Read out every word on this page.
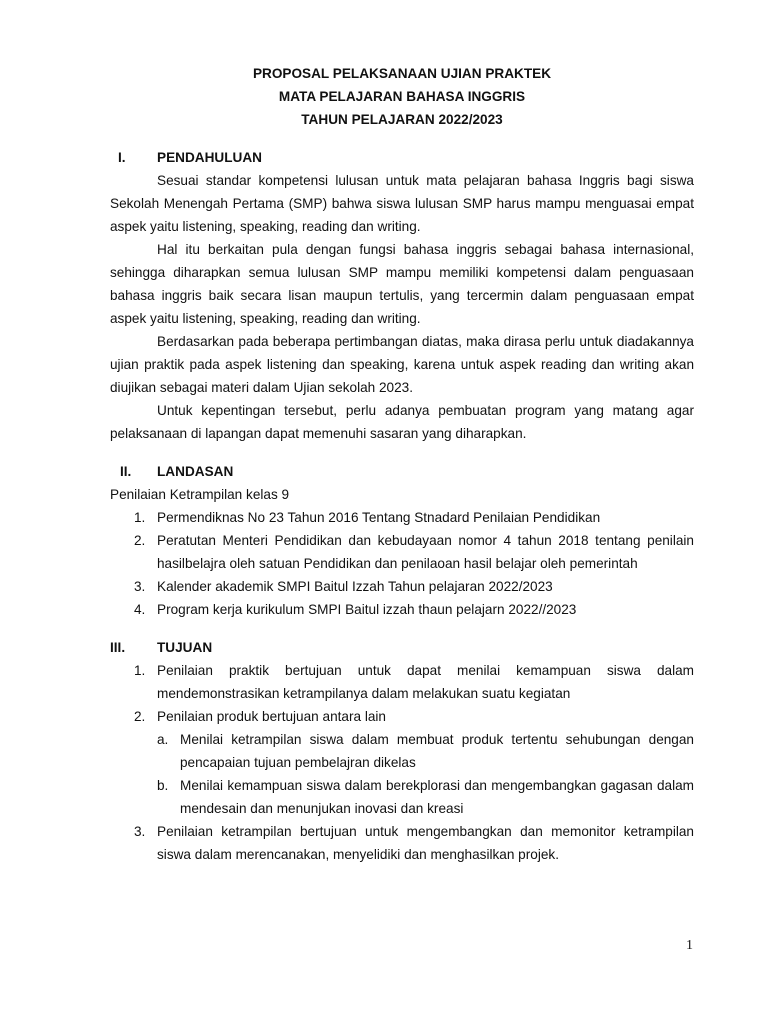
PROPOSAL PELAKSANAAN UJIAN PRAKTEK
MATA PELAJARAN BAHASA INGGRIS
TAHUN PELAJARAN 2022/2023
I.	PENDAHULUAN

Sesuai standar kompetensi lulusan untuk mata pelajaran bahasa Inggris bagi siswa Sekolah Menengah Pertama (SMP) bahwa siswa lulusan SMP harus mampu menguasai empat aspek yaitu listening, speaking, reading dan writing.

Hal itu berkaitan pula dengan fungsi bahasa inggris sebagai bahasa internasional, sehingga diharapkan semua lulusan SMP mampu memiliki kompetensi dalam penguasaan bahasa inggris baik secara lisan maupun tertulis, yang tercermin dalam penguasaan empat aspek yaitu listening, speaking, reading dan writing.

Berdasarkan pada beberapa pertimbangan diatas, maka dirasa perlu untuk diadakannya ujian praktik pada aspek listening dan speaking, karena untuk aspek reading dan writing akan diujikan sebagai materi dalam Ujian sekolah 2023.

Untuk kepentingan tersebut, perlu adanya pembuatan program yang matang agar pelaksanaan di lapangan dapat memenuhi sasaran yang diharapkan.

II.	LANDASAN

Penilaian Ketrampilan kelas 9

1. Permendiknas No 23 Tahun 2016 Tentang Stnadard Penilaian Pendidikan
2. Peratutan Menteri Pendidikan dan kebudayaan nomor 4 tahun 2018 tentang penilain hasilbelajra oleh satuan Pendidikan dan penilaoan hasil belajar oleh pemerintah
3. Kalender akademik SMPI Baitul Izzah Tahun pelajaran 2022/2023
4. Program kerja kurikulum SMPI Baitul izzah thaun pelajarn 2022//2023
III.	TUJUAN
1. Penilaian praktik bertujuan untuk dapat menilai kemampuan siswa dalam mendemonstrasikan ketrampilanya dalam melakukan suatu kegiatan
2. Penilaian produk bertujuan antara lain
a. Menilai ketrampilan siswa dalam membuat produk tertentu sehubungan dengan pencapaian tujuan pembelajran dikelas
b. Menilai kemampuan siswa dalam berekplorasi dan mengembangkan gagasan dalam mendesain dan menunjukan inovasi dan kreasi
3. Penilaian ketrampilan bertujuan untuk mengembangkan dan memonitor ketrampilan siswa dalam merencanakan, menyelidiki dan menghasilkan projek.
1
